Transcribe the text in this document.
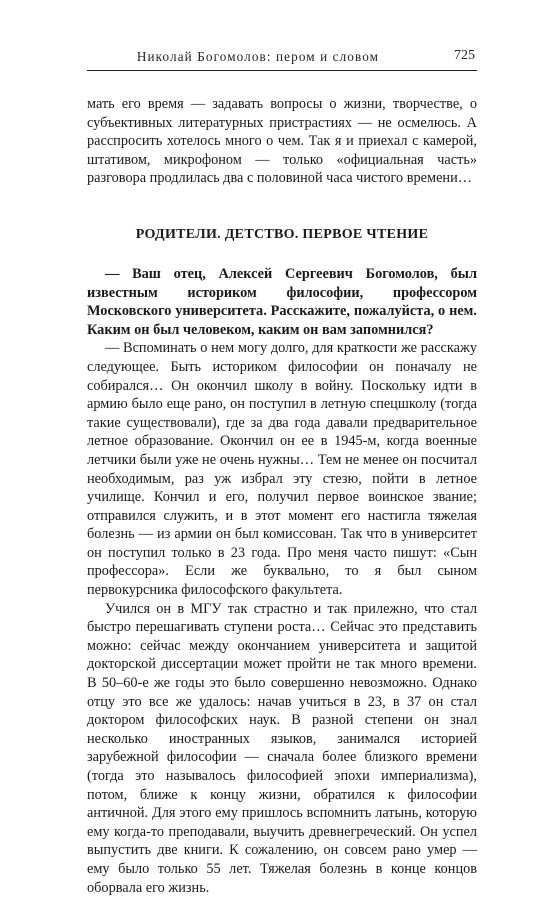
Николай Богомолов: пером и словом	725

мать его время — задавать вопросы о жизни, творчестве, о субъективных литературных пристрастиях — не осмелюсь. А расспросить хотелось много о чем. Так я и приехал с камерой, штативом, микрофоном — только «официальная часть» разговора продлилась два с половиной часа чистого времени…

РОДИТЕЛИ. ДЕТСТВО. ПЕРВОЕ ЧТЕНИЕ

— Ваш отец, Алексей Сергеевич Богомолов, был известным историком философии, профессором Московского университета. Расскажите, пожалуйста, о нем. Каким он был человеком, каким он вам запомнился?

— Вспоминать о нем могу долго, для краткости же расскажу следующее. Быть историком философии он поначалу не собирался… Он окончил школу в войну. Поскольку идти в армию было еще рано, он поступил в летную спецшколу (тогда такие существовали), где за два года давали предварительное летное образование. Окончил он ее в 1945-м, когда военные летчики были уже не очень нужны… Тем не менее он посчитал необходимым, раз уж избрал эту стезю, пойти в летное училище. Кончил и его, получил первое воинское звание; отправился служить, и в этот момент его настигла тяжелая болезнь — из армии он был комиссован. Так что в университет он поступил только в 23 года. Про меня часто пишут: «Сын профессора». Если же буквально, то я был сыном первокурсника философского факультета.

Учился он в МГУ так страстно и так прилежно, что стал быстро перешагивать ступени роста… Сейчас это представить можно: сейчас между окончанием университета и защитой докторской диссертации может пройти не так много времени. В 50–60-е же годы это было совершенно невозможно. Однако отцу это все же удалось: начав учиться в 23, в 37 он стал доктором философских наук. В разной степени он знал несколько иностранных языков, занимался историей зарубежной философии — сначала более близкого времени (тогда это называлось философией эпохи империализма), потом, ближе к концу жизни, обратился к философии античной. Для этого ему пришлось вспомнить латынь, которую ему когда-то преподавали, выучить древнегреческий. Он успел выпустить две книги. К сожалению, он совсем рано умер — ему было только 55 лет. Тяжелая болезнь в конце концов оборвала его жизнь.
